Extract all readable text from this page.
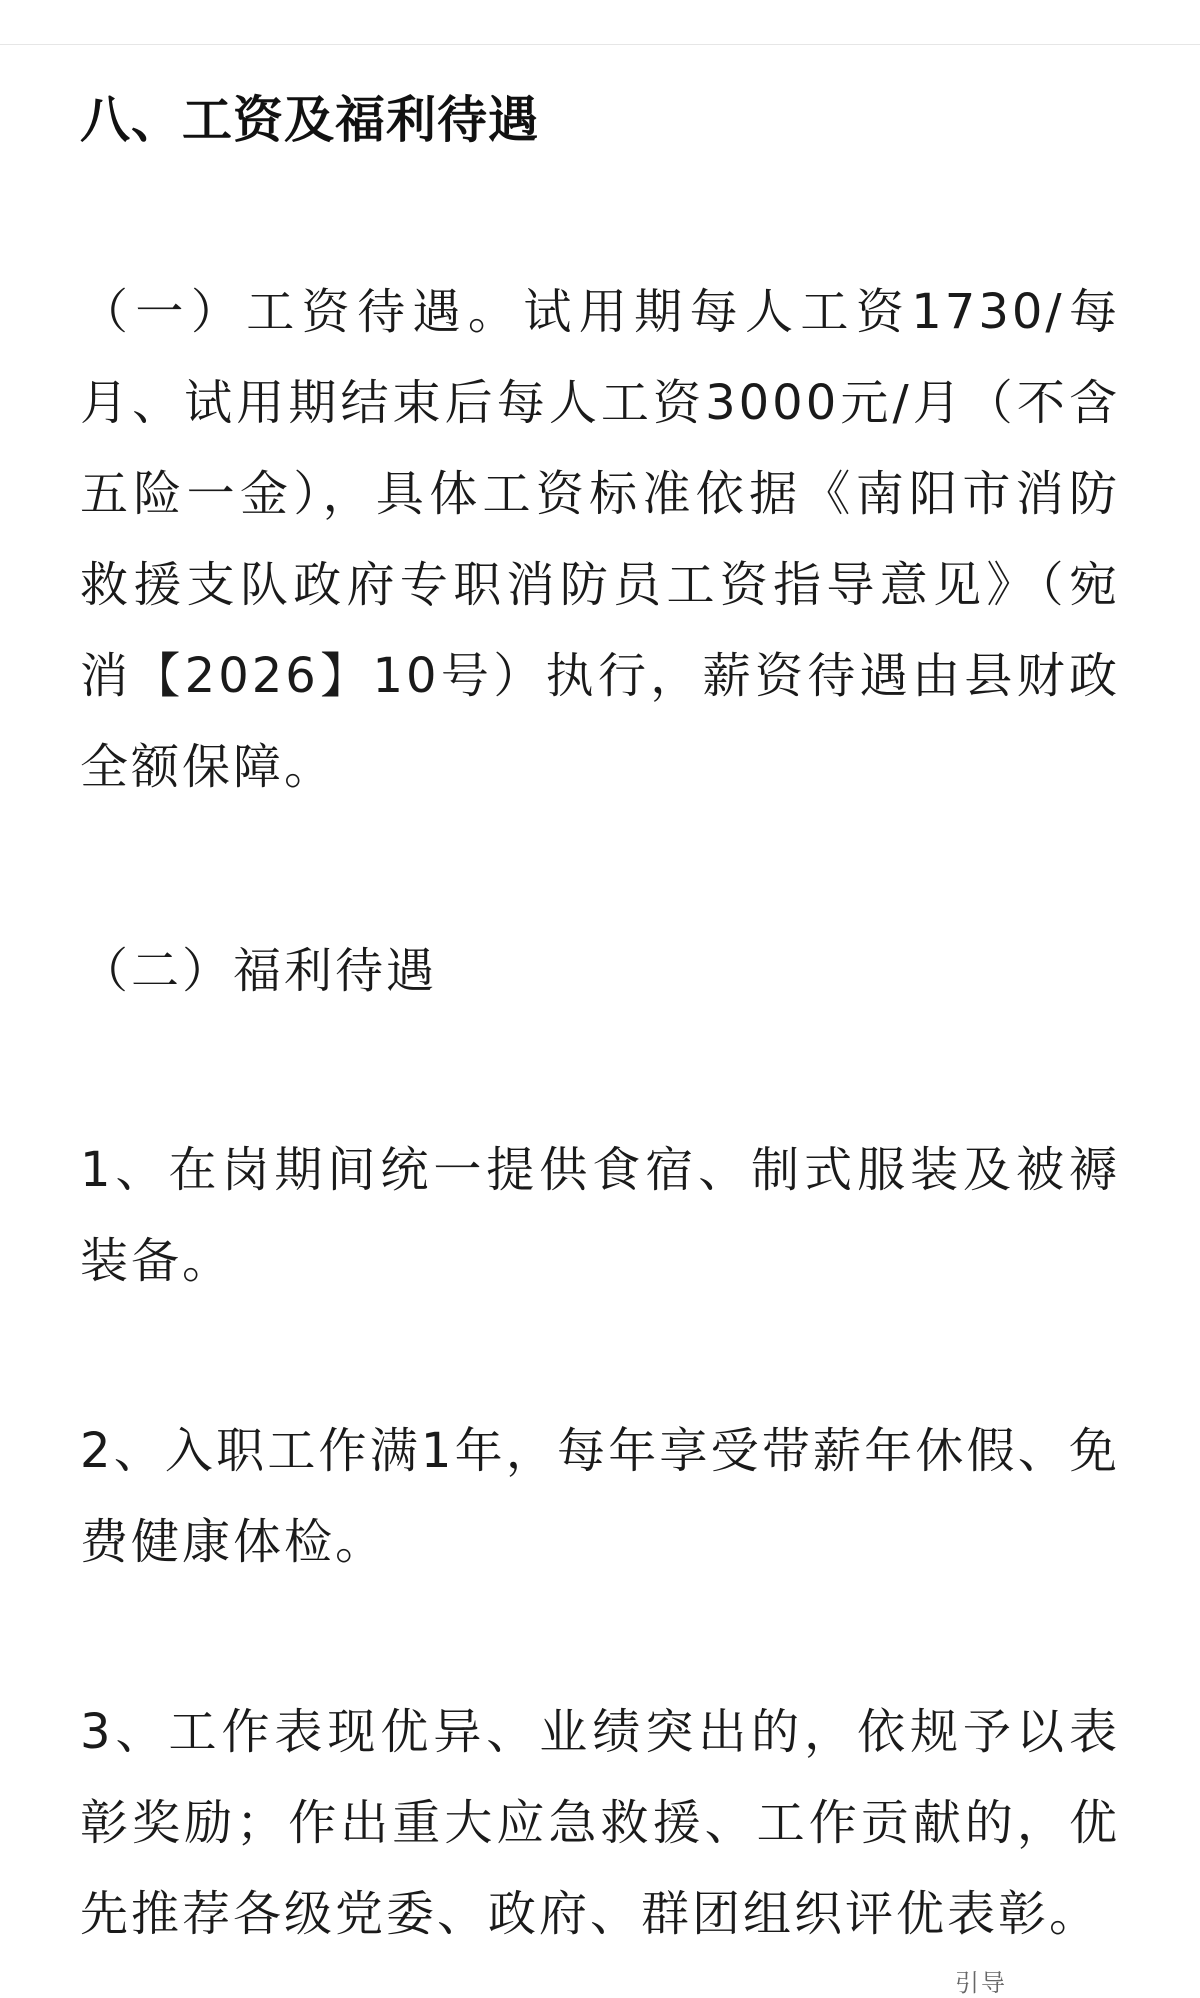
八、工资及福利待遇

（一）工资待遇。试用期每人工资1730/每月、试用期结束后每人工资3000元/月（不含五险一金），具体工资标准依据《南阳市消防救援支队政府专职消防员工资指导意见》（宛消【2026】10号）执行，薪资待遇由县财政全额保障。

（二）福利待遇

1、在岗期间统一提供食宿、制式服装及被褥装备。

2、入职工作满1年，每年享受带薪年休假、免费健康体检。

3、工作表现优异、业绩突出的，依规予以表彰奖励；作出重大应急救援、工作贡献的，优先推荐各级党委、政府、群团组织评优表彰。

引导
